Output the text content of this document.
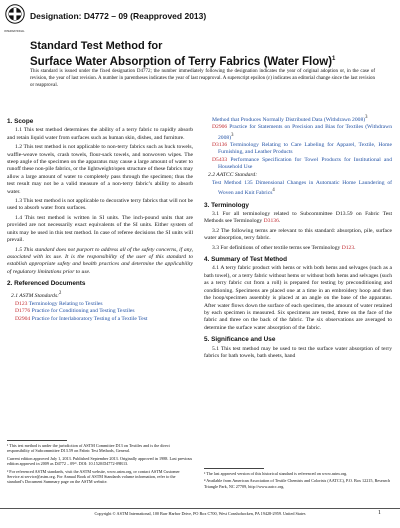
INTERNATIONAL
Designation: D4772 – 09 (Reapproved 2013)
Standard Test Method for
Surface Water Absorption of Terry Fabrics (Water Flow)$^1$
This standard is issued under the fixed designation D4772; the number immediately following the designation indicates the year of original adoption or, in the case of revision, the year of last revision. A number in parentheses indicates the year of last reapproval. A superscript epsilon (ε) indicates an editorial change since the last revision or reapproval.
1. Scope

1.1 This test method determines the ability of a terry fabric to rapidly absorb and retain liquid water from surfaces such as human skin, dishes, and furniture.

1.2 This test method is not applicable to non-terry fabrics such as huck towels, waffle-weave towels, crash towels, flour-sack towels, and nonwoven wipes. The steep angle of the specimen on the apparatus may cause a large amount of water to runoff these non-pile fabrics, or the lightweight/open structure of these fabrics may allow a large amount of water to completely pass through the specimen; thus the test result may not be a valid measure of a non-terry fabric’s ability to absorb water.

1.3 This test method is not applicable to decorative terry fabrics that will not be used to absorb water from surfaces.

1.4 This test method is written in SI units. The inch-pound units that are provided are not necessarily exact equivalents of the SI units. Either system of units may be used in this test method. In case of referee decisions the SI units will prevail.

1.5 This standard does not purport to address all of the safety concerns, if any, associated with its use. It is the responsibility of the user of this standard to establish appropriate safety and health practices and determine the applicability of regulatory limitations prior to use.

2. Referenced Documents

2.1 ASTM Standards:$^2$

D123 Terminology Relating to Textiles

D1776 Practice for Conditioning and Testing Textiles

D2904 Practice for Interlaboratory Testing of a Textile Test

Method that Produces Normally Distributed Data (Withdrawn 2008)$^3$

D2906 Practice for Statements on Precision and Bias for Textiles (Withdrawn 2008)$^3$

D3136 Terminology Relating to Care Labeling for Apparel, Textile, Home Furnishing, and Leather Products

D5433 Performance Specification for Towel Products for Institutional and Household Use

2.2 AATCC Standard:

Test Method 135 Dimensional Changes in Automatic Home Laundering of Woven and Knit Fabrics$^4$

3. Terminology

3.1 For all terminology related to Subcommittee D13.59 on Fabric Test Methods see Terminology D3136.

3.2 The following terms are relevant to this standard: absorption, pile, surface water absorption, terry fabric.

3.3 For definitions of other textile terms see Terminology D123.

4. Summary of Test Method

4.1 A terry fabric product with hems or with both hems and selvages (such as a bath towel), or a terry fabric without hems or without both hems and selvages (such as a terry fabric cut from a roll) is prepared for testing by preconditioning and conditioning. Specimens are placed one at a time in an embroidery hoop and then the hoop/specimen assembly is placed at an angle on the base of the apparatus. After water flows down the surface of each specimen, the amount of water retained by each specimen is measured. Six specimens are tested, three on the face of the fabric and three on the back of the fabric. The six observations are averaged to determine the surface water absorption of the fabric.

5. Significance and Use

5.1 This test method may be used to test the surface water absorption of terry fabrics for bath towels, bath sheets, hand

¹ This test method is under the jurisdiction of ASTM Committee D13 on Textiles and is the direct responsibility of Subcommittee D13.59 on Fabric Test Methods, General.

Current edition approved July 1, 2013. Published September 2013. Originally approved in 1988. Last previous edition approved in 2009 as D4772 – 09ᵉ¹. DOI: 10.1520/D4772-09R13.

² For referenced ASTM standards, visit the ASTM website, www.astm.org, or contact ASTM Customer Service at service@astm.org. For Annual Book of ASTM Standards volume information, refer to the standard’s Document Summary page on the ASTM website.

³ The last approved version of this historical standard is referenced on www.astm.org.

⁴ Available from American Association of Textile Chemists and Colorists (AATCC), P.O. Box 12215, Research Triangle Park, NC 27709, http://www.aatcc.org.

Copyright © ASTM International, 100 Barr Harbor Drive, PO Box C700, West Conshohocken, PA 19428-2959. United States	1
